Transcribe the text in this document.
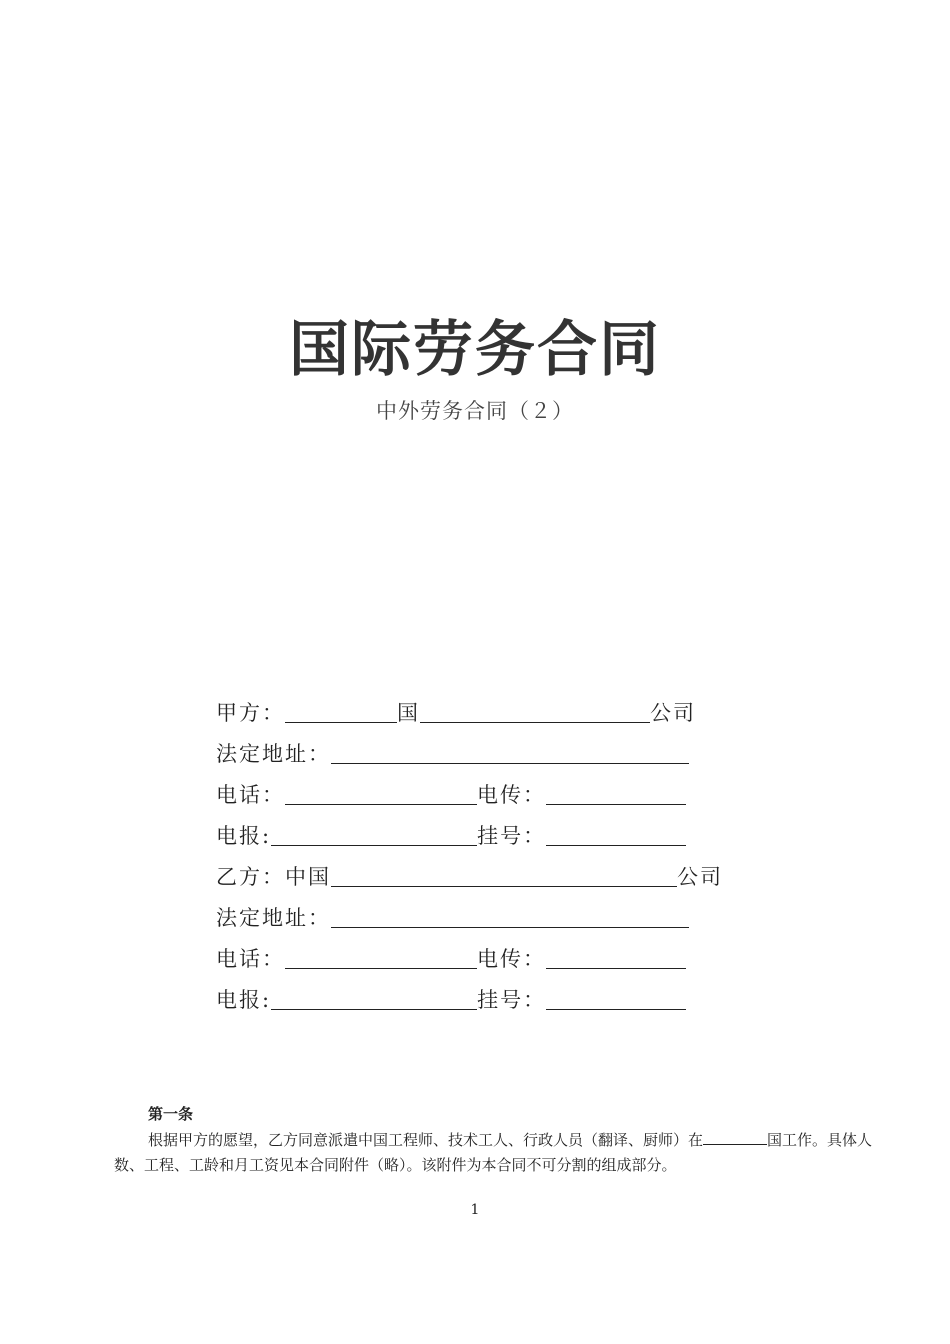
国际劳务合同
中外劳务合同（２）
甲方：	国	公司
法定地址：
电话：	电传：
电报:	挂号：
乙方：中国	公司
法定地址：
电话：	电传：
电报:	挂号：
第一条
根据甲方的愿望，乙方同意派遣中国工程师、技术工人、行政人员（翻译、厨师）在	国工作。具体人数、工程、工龄和月工资见本合同附件（略）。该附件为本合同不可分割的组成部分。
1
